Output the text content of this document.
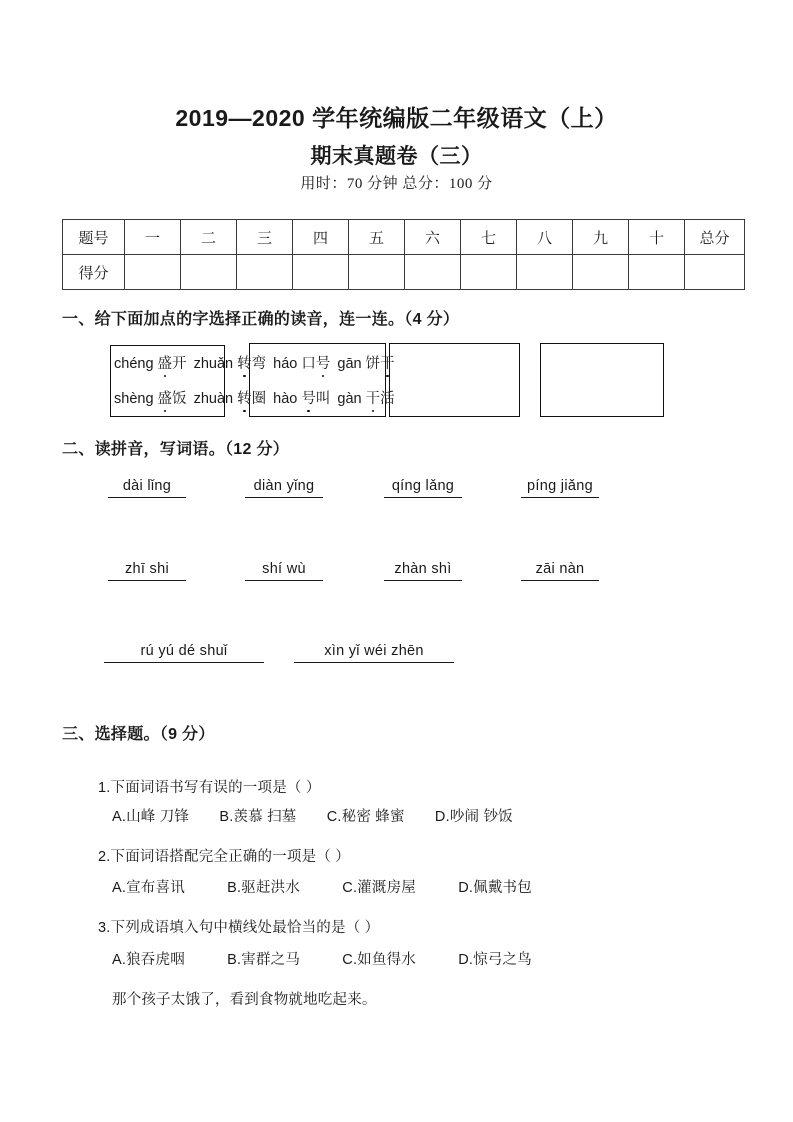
2019—2020 学年统编版二年级语文（上）
期末真题卷（三）
用时：70 分钟 总分：100 分
题号	一	二	三	四	五	六	七	八	九	十	总分
得分											
一、给下面加点的字选择正确的读音，连一连。（4 分）
chéng 盛开 zhuǎn 转弯 háo 口号 gān 饼干
shèng 盛饭 zhuàn 转圈 hào 号叫 gàn 干活
二、读拼音，写词语。（12 分）
dài lǐng	diàn yǐng	qíng lǎng	píng jiǎng
zhī shi	shí wù	zhàn shì	zāi nàn
rú yú dé shuǐ	xìn yǐ wéi zhēn
三、选择题。（9 分）
1.下面词语书写有误的一项是（ ）
A.山峰 刀锋 B.羡慕 扫墓 C.秘密 蜂蜜 D.吵闹 钞饭
2.下面词语搭配完全正确的一项是（ ）
A.宣布喜讯	B.驱赶洪水	C.灌溉房屋	D.佩戴书包
3.下列成语填入句中横线处最恰当的是（ ）
A.狼吞虎咽	B.害群之马	C.如鱼得水	D.惊弓之鸟
那个孩子太饿了，看到食物就地吃起来。
